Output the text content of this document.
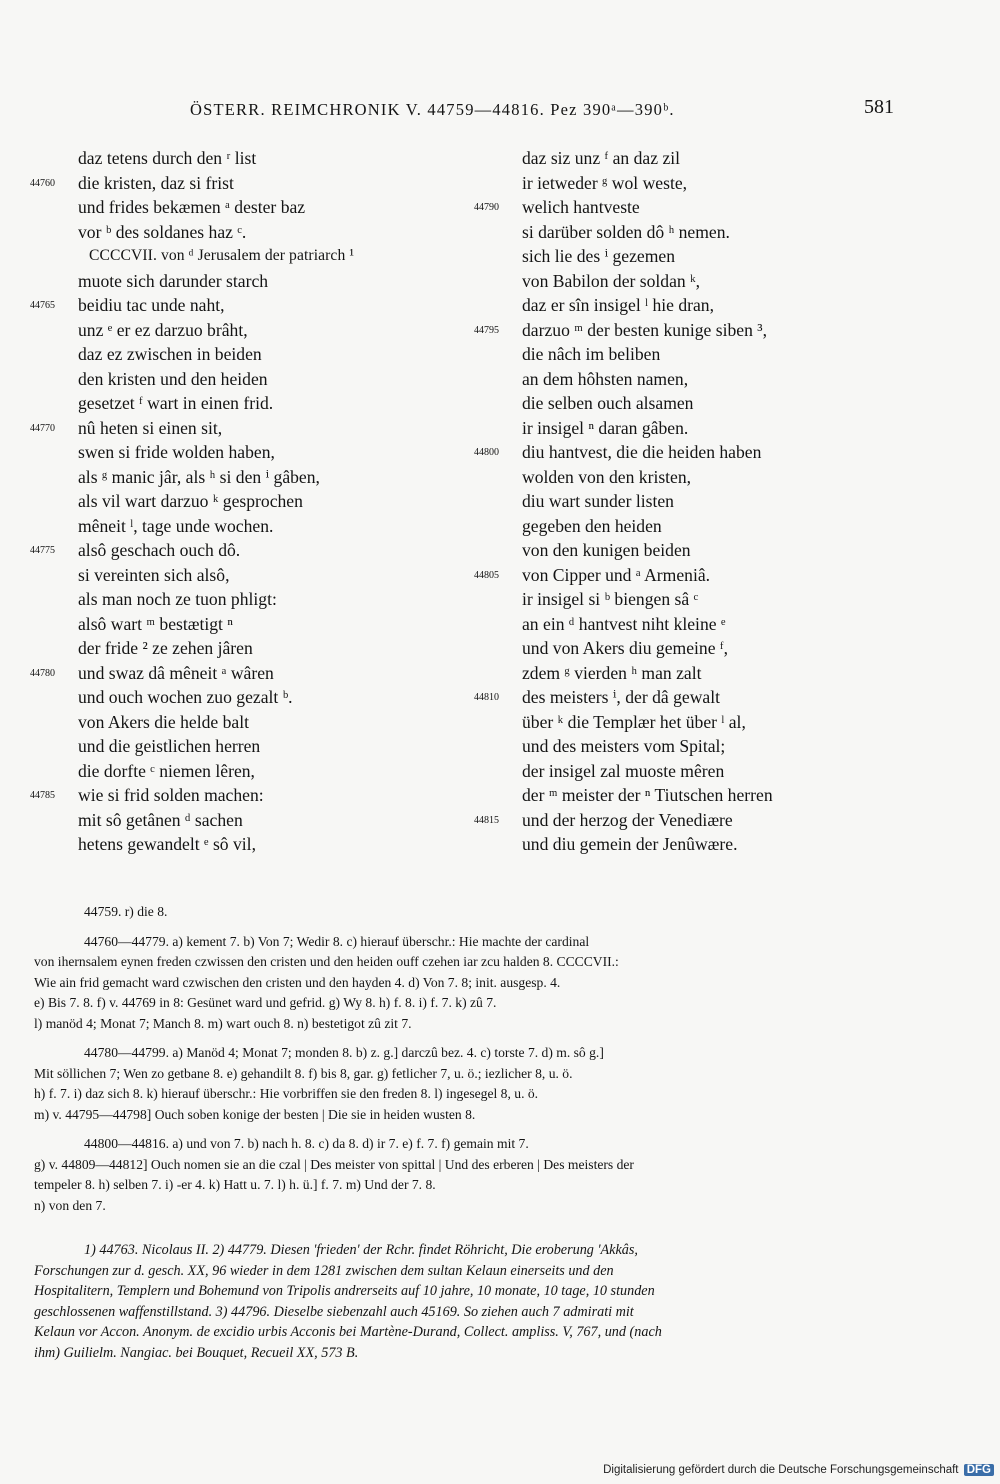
ÖSTERR. REIMCHRONIK V. 44759—44816. Pez 390ᵃ—390ᵇ.	581
daz tetens durch den ʳ list
44760	die kristen, daz si frist
und frides bekæmen ᵃ dester baz
vor ᵇ des soldanes haz ᶜ.
CCCCVII. von ᵈ Jerusalem der patriarch ¹
muote sich darunder starch
44765	beidiu tac unde naht,
unz ᵉ er ez darzuo brâht,
daz ez zwischen in beiden
den kristen und den heiden
gesetzet ᶠ wart in einen frid.
44770	nû heten si einen sit,
swen si fride wolden haben,
als ᵍ manic jâr, als ʰ si den ⁱ gâben,
als vil wart darzuo ᵏ gesprochen
mêneit ˡ, tage unde wochen.
44775	alsô geschach ouch dô.
si vereinten sich alsô,
als man noch ze tuon phligt:
alsô wart ᵐ bestætigt ⁿ
der fride ² ze zehen jâren
44780	und swaz dâ mêneit ᵃ wâren
und ouch wochen zuo gezalt ᵇ.
von Akers die helde balt
und die geistlichen herren
die dorfte ᶜ niemen lêren,
44785	wie si frid solden machen:
mit sô getânen ᵈ sachen
hetens gewandelt ᵉ sô vil,
daz siz unz ᶠ an daz zil
ir ietweder ᵍ wol weste,
44790	welich hantveste
si darüber solden dô ʰ nemen.
sich lie des ⁱ gezemen
von Babilon der soldan ᵏ,
daz er sîn insigel ˡ hie dran,
44795	darzuo ᵐ der besten kunige siben ³,
die nâch im beliben
an dem hôhsten namen,
die selben ouch alsamen
ir insigel ⁿ daran gâben.
44800	diu hantvest, die die heiden haben
wolden von den kristen,
diu wart sunder listen
gegeben den heiden
von den kunigen beiden
44805	von Cipper und ᵃ Armeniâ.
ir insigel si ᵇ biengen sâ ᶜ
an ein ᵈ hantvest niht kleine ᵉ
und von Akers diu gemeine ᶠ,
zdem ᵍ vierden ʰ man zalt
44810	des meisters ⁱ, der dâ gewalt
über ᵏ die Templær het über ˡ al,
und des meisters vom Spital;
der insigel zal muoste mêren
der ᵐ meister der ⁿ Tiutschen herren
44815	und der herzog der Venediære
und diu gemein der Jenûwære.
44759. r) die 8.
44760—44779. a) kement 7. b) Von 7; Wedir 8. c) hierauf überschr.: Hie machte der cardinal
von ihernsalem eynen freden czwissen den cristen und den heiden ouff czehen iar zcu halden 8. CCCCVII.:
Wie ain frid gemacht ward czwischen den cristen und den hayden 4. d) Von 7. 8; init. ausgesp. 4.
e) Bis 7. 8. f) v. 44769 in 8: Gesünet ward und gefrid. g) Wy 8. h) f. 8. i) f. 7. k) zû 7.
l) manöd 4; Monat 7; Manch 8. m) wart ouch 8. n) bestetigot zû zit 7.
44780—44799. a) Manöd 4; Monat 7; monden 8. b) z. g.] darczû bez. 4. c) torste 7. d) m. sô g.]
Mit söllichen 7; Wen zo getbane 8. e) gehandilt 8. f) bis 8, gar. g) fetlicher 7, u. ö.; iezlicher 8, u. ö.
h) f. 7. i) daz sich 8. k) hierauf überschr.: Hie vorbriffen sie den freden 8. l) ingesegel 8, u. ö.
m) v. 44795—44798] Ouch soben konige der besten | Die sie in heiden wusten 8.
44800—44816. a) und von 7. b) nach h. 8. c) da 8. d) ir 7. e) f. 7. f) gemain mit 7.
g) v. 44809—44812] Ouch nomen sie an die czal | Des meister von spittal | Und des erberen | Des meisters der
tempeler 8. h) selben 7. i) -er 4. k) Hatt u. 7. l) h. ü.] f. 7. m) Und der 7. 8.
n) von den 7.
1) 44763. Nicolaus II. 2) 44779. Diesen 'frieden' der Rchr. findet Röhricht, Die eroberung 'Akkâs,
Forschungen zur d. gesch. XX, 96 wieder in dem 1281 zwischen dem sultan Kelaun einerseits und den
Hospitalitern, Templern und Bohemund von Tripolis andrerseits auf 10 jahre, 10 monate, 10 tage, 10 stunden
geschlossenen waffenstillstand. 3) 44796. Dieselbe siebenzahl auch 45169. So ziehen auch 7 admirati mit
Kelaun vor Accon. Anonym. de excidio urbis Acconis bei Martène-Durand, Collect. ampliss. V, 767, und (nach
ihm) Guilielm. Nangiac. bei Bouquet, Recueil XX, 573 B.
Digitalisierung gefördert durch die Deutsche Forschungsgemeinschaft DFG
